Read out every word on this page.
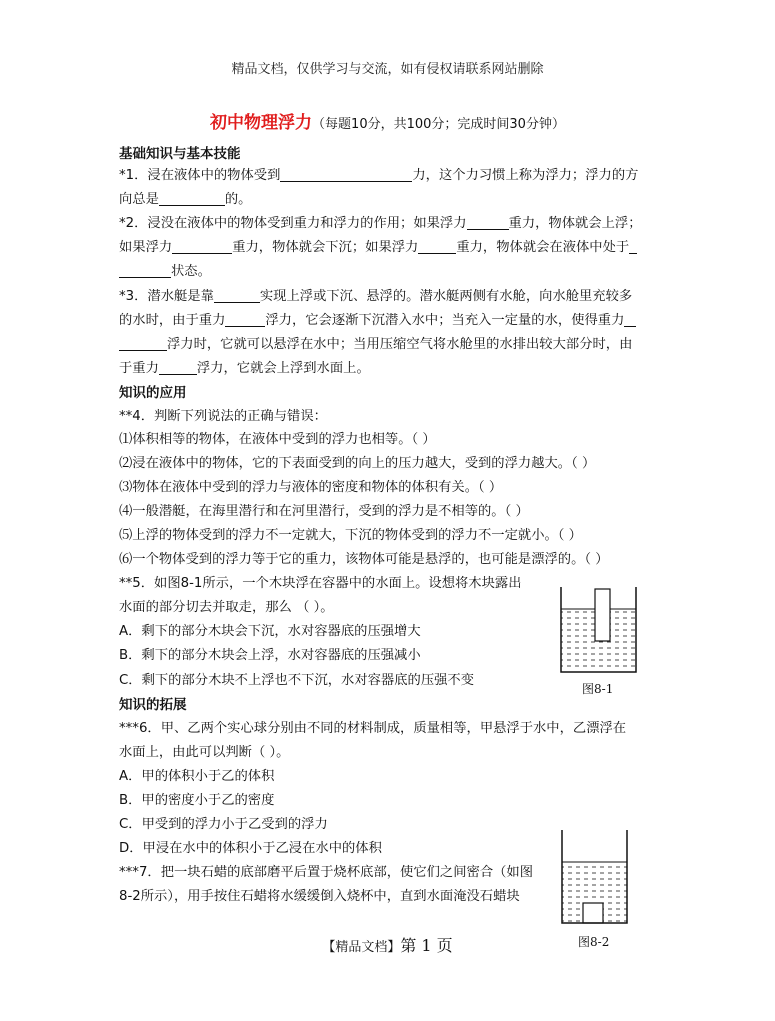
精品文档，仅供学习与交流，如有侵权请联系网站删除
初中物理浮力（每题10分，共100分；完成时间30分钟）
基础知识与基本技能
*1．浸在液体中的物体受到	力，这个力习惯上称为浮力；浮力的方
向总是	的。
*2．浸没在液体中的物体受到重力和浮力的作用；如果浮力	重力，物体就会上浮；
如果浮力	重力，物体就会下沉；如果浮力	重力，物体就会在液体中处于
状态。
*3．潜水艇是靠	实现上浮或下沉、悬浮的。潜水艇两侧有水舱，向水舱里充较多
的水时，由于重力	浮力，它会逐渐下沉潜入水中；当充入一定量的水，使得重力
浮力时，它就可以悬浮在水中；当用压缩空气将水舱里的水排出较大部分时，由
于重力	浮力，它就会上浮到水面上。
知识的应用
**4．判断下列说法的正确与错误：
⑴体积相等的物体，在液体中受到的浮力也相等。（ ）
⑵浸在液体中的物体，它的下表面受到的向上的压力越大，受到的浮力越大。（ ）
⑶物体在液体中受到的浮力与液体的密度和物体的体积有关。（ ）
⑷一般潜艇，在海里潜行和在河里潜行，受到的浮力是不相等的。（ ）
⑸上浮的物体受到的浮力不一定就大，下沉的物体受到的浮力不一定就小。（ ）
⑹一个物体受到的浮力等于它的重力，该物体可能是悬浮的，也可能是漂浮的。（ ）
**5．如图8-1所示，一个木块浮在容器中的水面上。设想将木块露出
水面的部分切去并取走，那么 （ ）。
A．剩下的部分木块会下沉，水对容器底的压强增大
B．剩下的部分木块会上浮，水对容器底的压强减小
C．剩下的部分木块不上浮也不下沉，水对容器底的压强不变
图8-1
知识的拓展
***6．甲、乙两个实心球分别由不同的材料制成，质量相等，甲悬浮于水中，乙漂浮在
水面上，由此可以判断（ ）。
A．甲的体积小于乙的体积
B．甲的密度小于乙的密度
C．甲受到的浮力小于乙受到的浮力
D．甲浸在水中的体积小于乙浸在水中的体积
***7．把一块石蜡的底部磨平后置于烧杯底部，使它们之间密合（如图
8-2所示），用手按住石蜡将水缓缓倒入烧杯中，直到水面淹没石蜡块
图8-2
【精品文档】第 1 页
